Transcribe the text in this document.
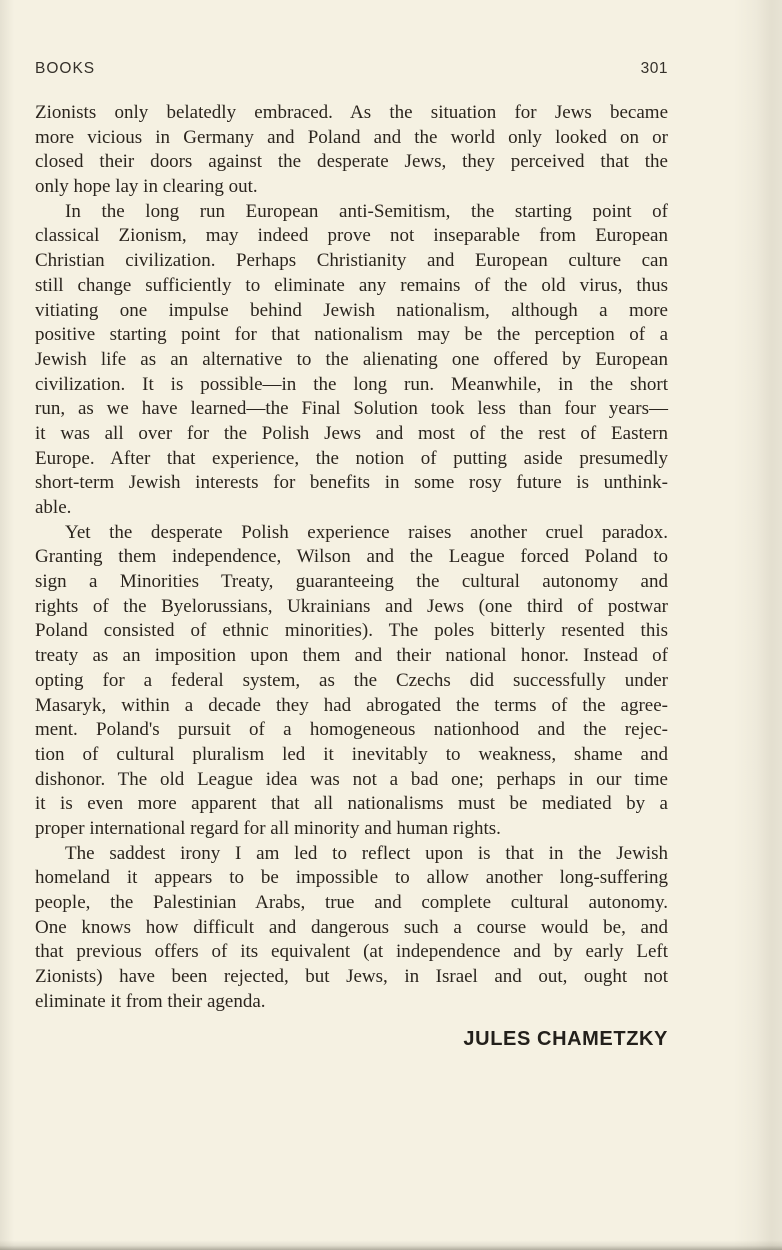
BOOKS	301
Zionists only belatedly embraced. As the situation for Jews became
more vicious in Germany and Poland and the world only looked on or
closed their doors against the desperate Jews, they perceived that the
only hope lay in clearing out.
In the long run European anti-Semitism, the starting point of
classical Zionism, may indeed prove not inseparable from European
Christian civilization. Perhaps Christianity and European culture can
still change sufficiently to eliminate any remains of the old virus, thus
vitiating one impulse behind Jewish nationalism, although a more
positive starting point for that nationalism may be the perception of a
Jewish life as an alternative to the alienating one offered by European
civilization. It is possible—in the long run. Meanwhile, in the short
run, as we have learned—the Final Solution took less than four years—
it was all over for the Polish Jews and most of the rest of Eastern
Europe. After that experience, the notion of putting aside presumedly
short-term Jewish interests for benefits in some rosy future is unthink-
able.
Yet the desperate Polish experience raises another cruel paradox.
Granting them independence, Wilson and the League forced Poland to
sign a Minorities Treaty, guaranteeing the cultural autonomy and
rights of the Byelorussians, Ukrainians and Jews (one third of postwar
Poland consisted of ethnic minorities). The poles bitterly resented this
treaty as an imposition upon them and their national honor. Instead of
opting for a federal system, as the Czechs did successfully under
Masaryk, within a decade they had abrogated the terms of the agree-
ment. Poland's pursuit of a homogeneous nationhood and the rejec-
tion of cultural pluralism led it inevitably to weakness, shame and
dishonor. The old League idea was not a bad one; perhaps in our time
it is even more apparent that all nationalisms must be mediated by a
proper international regard for all minority and human rights.
The saddest irony I am led to reflect upon is that in the Jewish
homeland it appears to be impossible to allow another long-suffering
people, the Palestinian Arabs, true and complete cultural autonomy.
One knows how difficult and dangerous such a course would be, and
that previous offers of its equivalent (at independence and by early Left
Zionists) have been rejected, but Jews, in Israel and out, ought not
eliminate it from their agenda.
JULES CHAMETZKY
